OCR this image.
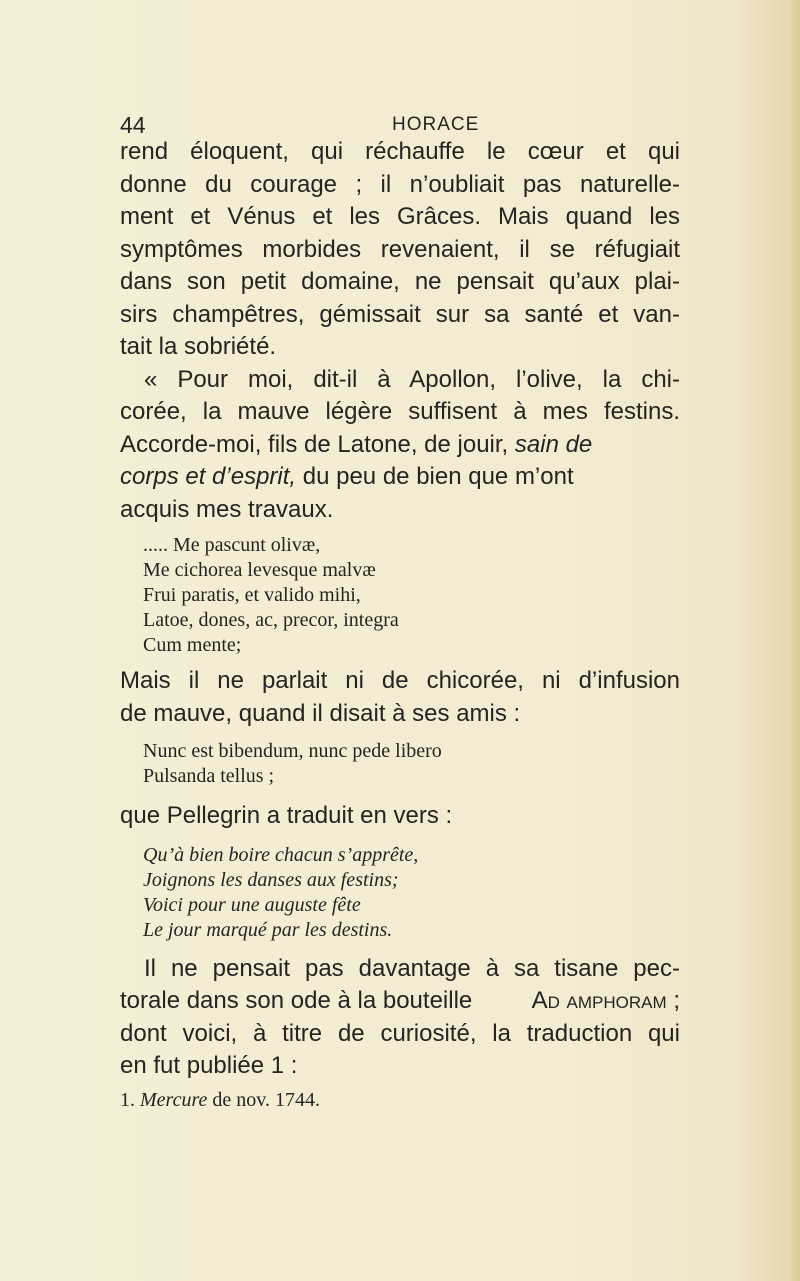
44	HORACE
rend éloquent, qui réchauffe le cœur et qui
donne du courage ; il n’oubliait pas naturelle-
ment et Vénus et les Grâces. Mais quand les
symptômes morbides revenaient, il se réfugiait
dans son petit domaine, ne pensait qu’aux plai-
sirs champêtres, gémissait sur sa santé et van-
tait la sobriété.
« Pour moi, dit-il à Apollon, l’olive, la chi-
corée, la mauve légère suffisent à mes festins.
Accorde-moi, fils de Latone, de jouir, sain de
corps et d’esprit, du peu de bien que m’ont
acquis mes travaux.
..... Me pascunt olivæ,
Me cichorea levesque malvæ
Frui paratis, et valido mihi,
Latoe, dones, ac, precor, integra
Cum mente;
Mais il ne parlait ni de chicorée, ni d’infusion
de mauve, quand il disait à ses amis :
Nunc est bibendum, nunc pede libero
Pulsanda tellus ;
que Pellegrin a traduit en vers :
Qu’à bien boire chacun s’apprête,
Joignons les danses aux festins;
Voici pour une auguste fête
Le jour marqué par les destins.
Il ne pensait pas davantage à sa tisane pec-
torale dans son ode à la bouteille Ad amphoram ;
dont voici, à titre de curiosité, la traduction qui
en fut publiée 1 :
1. Mercure de nov. 1744.
